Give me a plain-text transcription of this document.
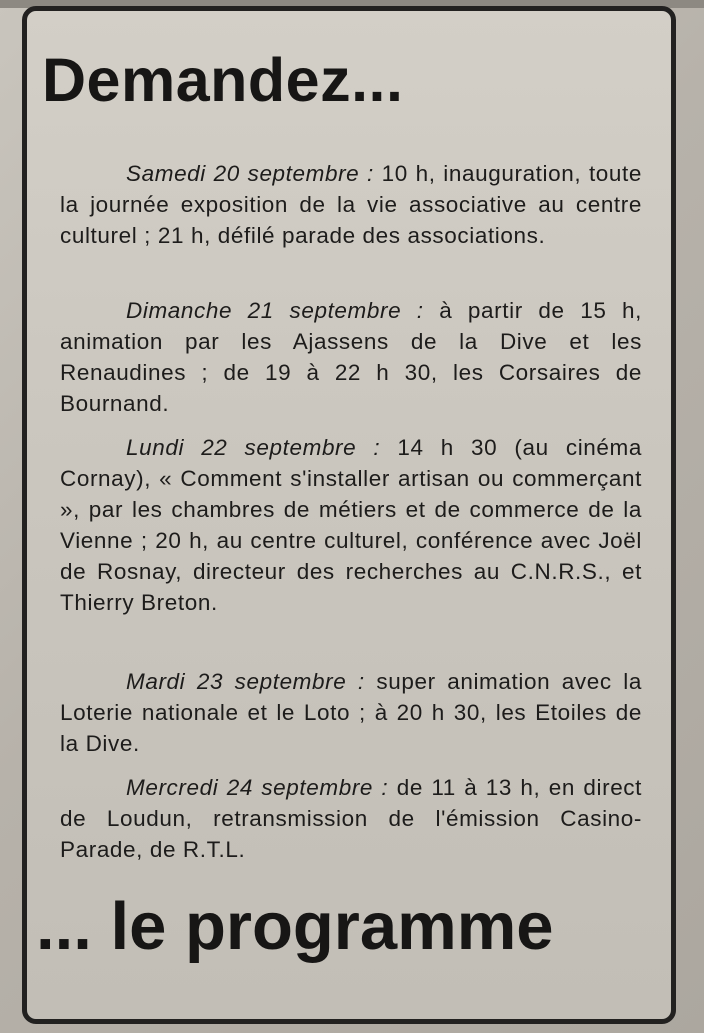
Demandez...

Samedi 20 septembre : 10 h, inauguration, toute la journée exposition de la vie associative au centre culturel ; 21 h, défilé parade des associations.

Dimanche 21 septembre : à partir de 15 h, animation par les Ajassens de la Dive et les Renaudines ; de 19 à 22 h 30, les Corsaires de Bournand.

Lundi 22 septembre : 14 h 30 (au cinéma Cornay), « Comment s'installer artisan ou commerçant », par les chambres de métiers et de commerce de la Vienne ; 20 h, au centre culturel, conférence avec Joël de Rosnay, directeur des recherches au C.N.R.S., et Thierry Breton.

Mardi 23 septembre : super animation avec la Loterie nationale et le Loto ; à 20 h 30, les Etoiles de la Dive.

Mercredi 24 septembre : de 11 à 13 h, en direct de Loudun, retransmission de l'émission Casino-Parade, de R.T.L.

... le programme
